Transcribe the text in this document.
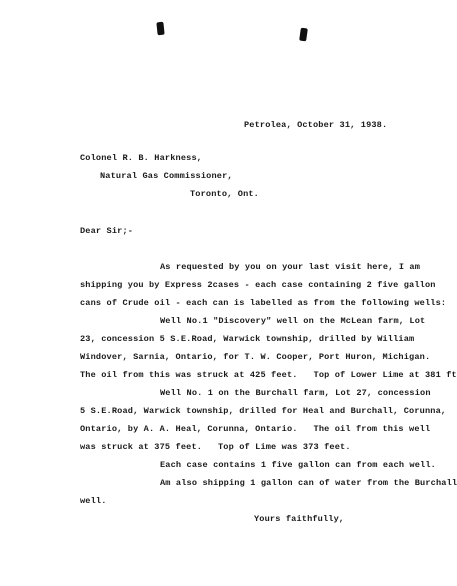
Petrolea, October 31, 1938.
Colonel R. B. Harkness,
Natural Gas Commissioner,
Toronto, Ont.
Dear Sir;-
As requested by you on your last visit here, I am
shipping you by Express 2cases - each case containing 2 five gallon
cans of Crude oil - each can is labelled as from the following wells:
Well No.1 "Discovery" well on the McLean farm, Lot
23, concession 5 S.E.Road, Warwick township, drilled by William
Windover, Sarnia, Ontario, for T. W. Cooper, Port Huron, Michigan.
The oil from this was struck at 425 feet.   Top of Lower Lime at 381 ft
Well No. 1 on the Burchall farm, Lot 27, concession
5 S.E.Road, Warwick township, drilled for Heal and Burchall, Corunna,
Ontario, by A. A. Heal, Corunna, Ontario.   The oil from this well
was struck at 375 feet.   Top of Lime was 373 feet.
Each case contains 1 five gallon can from each well.
Am also shipping 1 gallon can of water from the Burchall
well.
Yours faithfully,
